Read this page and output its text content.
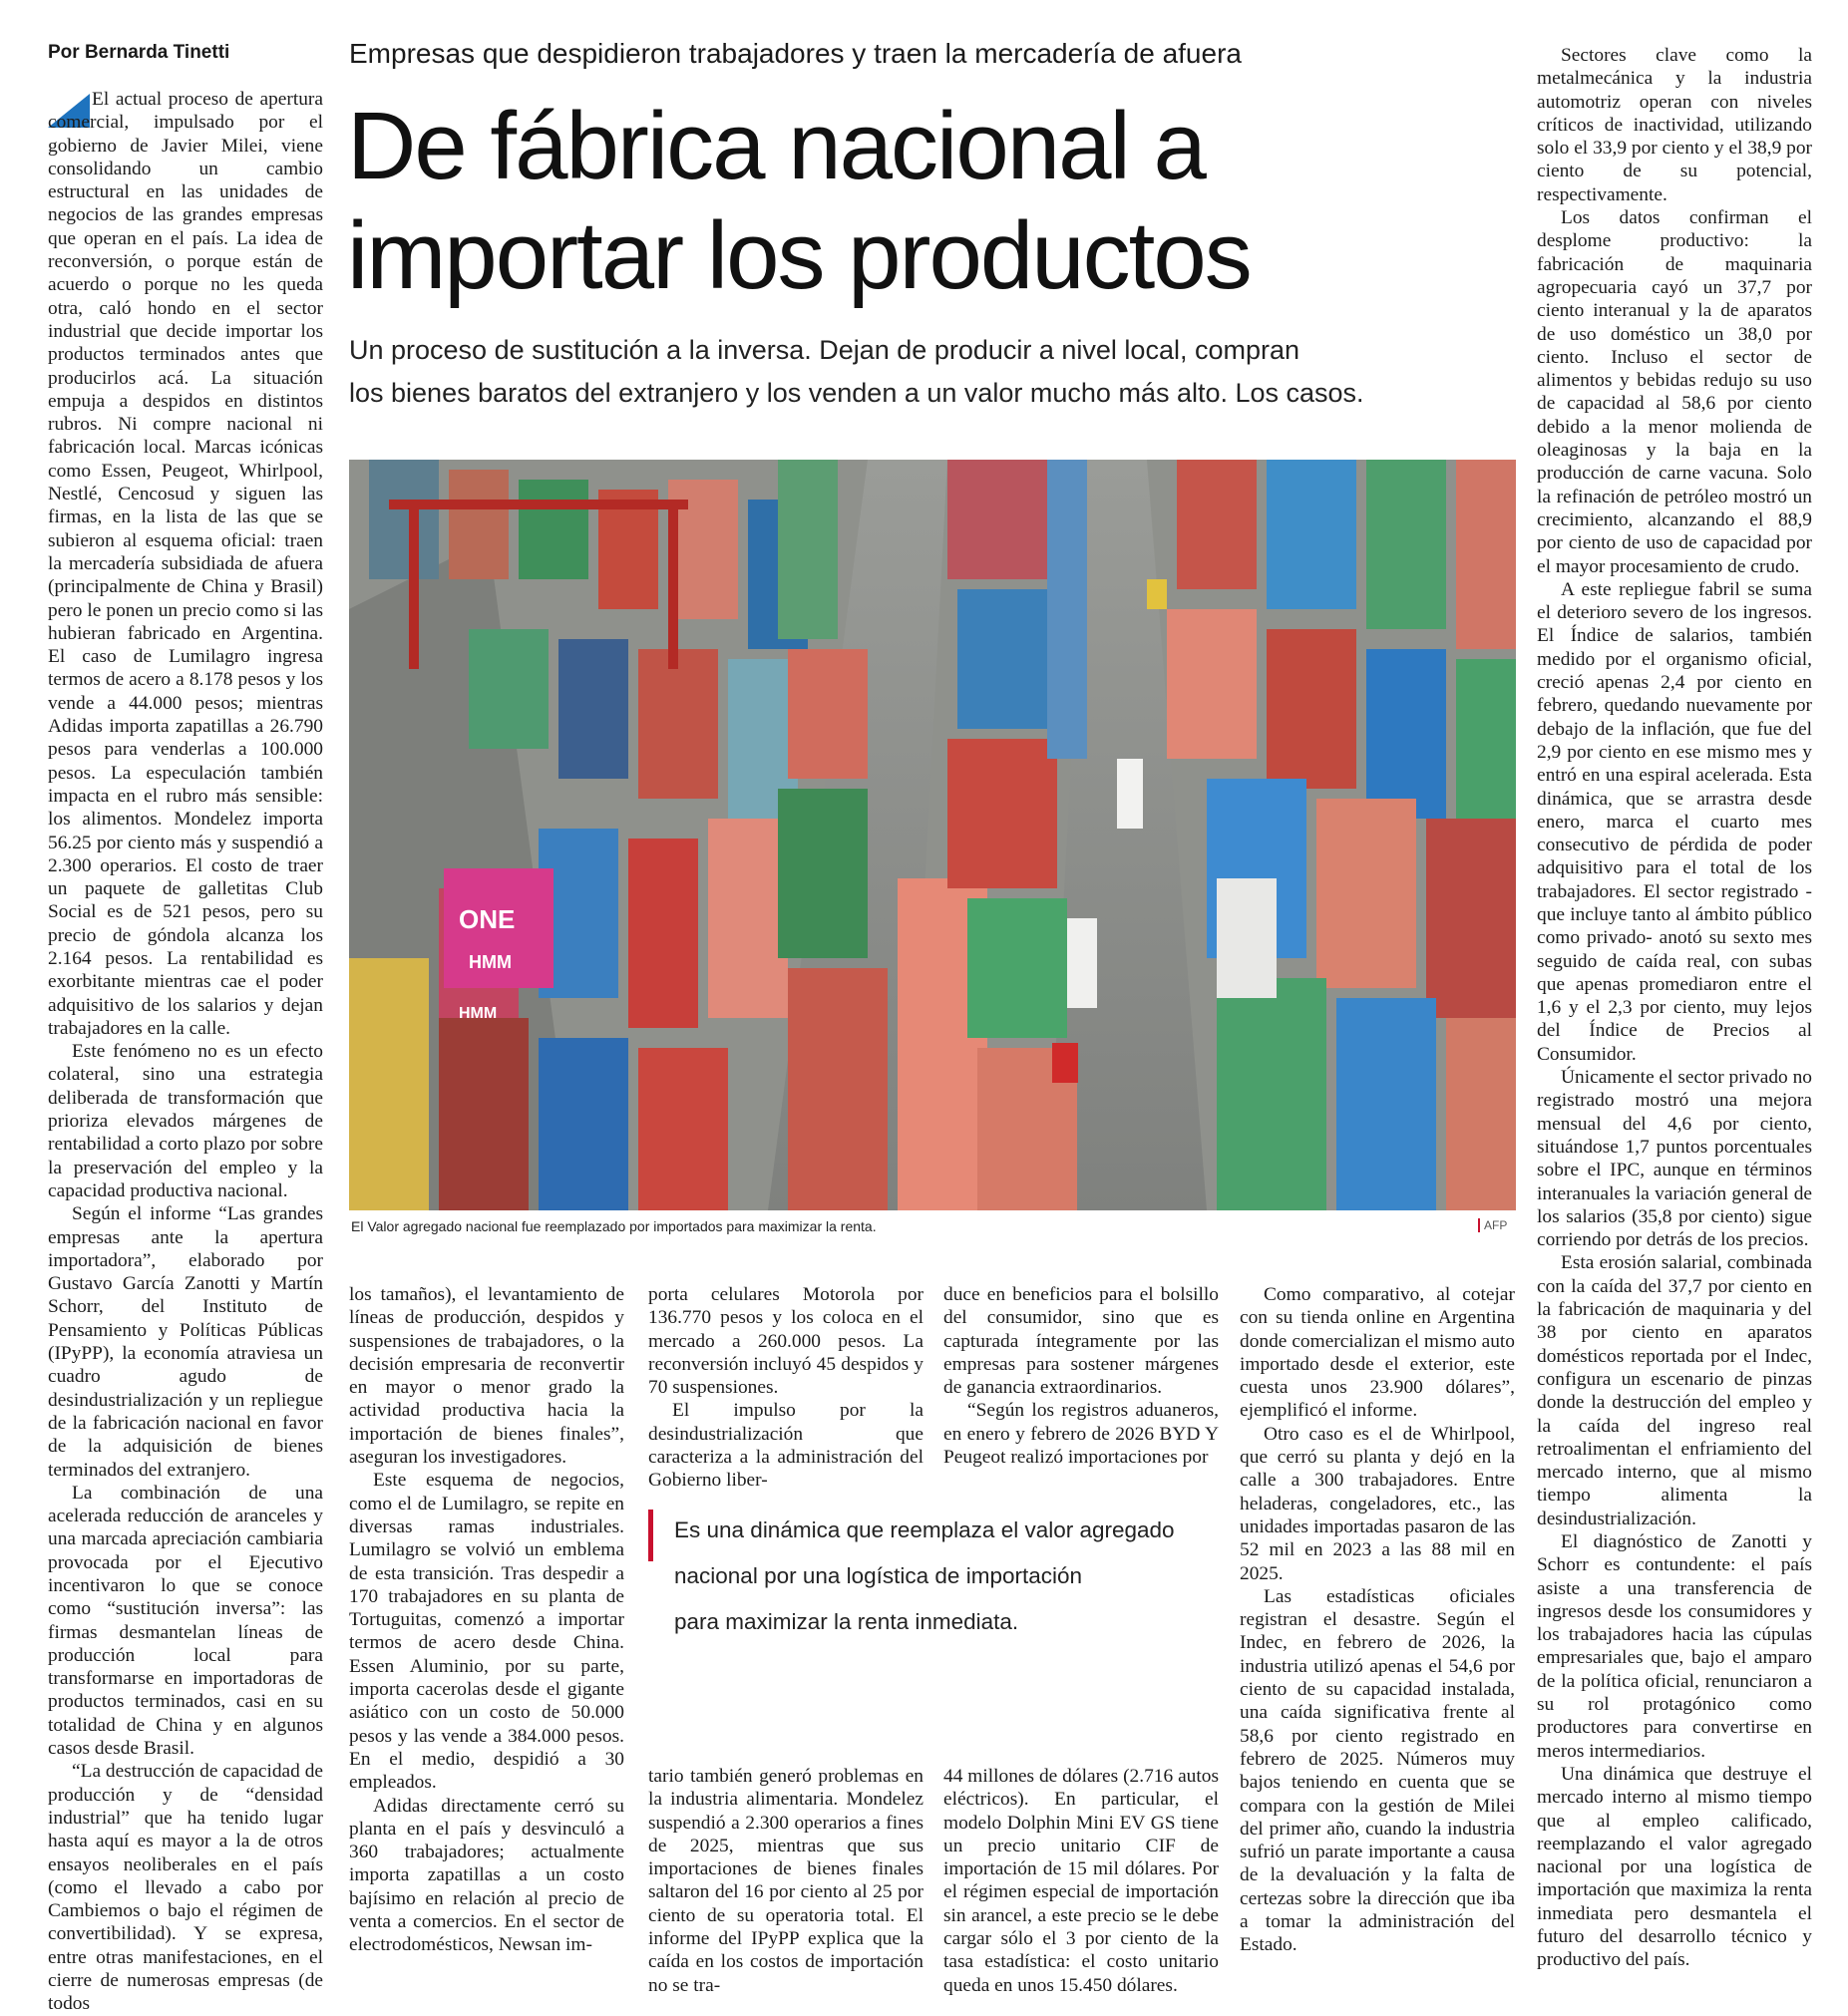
Por Bernarda Tinetti	Empresas que despidieron trabajadores y traen la mercadería de afuera
De fábrica nacional a
importar los productos
Un proceso de sustitución a la inversa. Dejan de producir a nivel local, compran
los bienes baratos del extranjero y los venden a un valor mucho más alto. Los casos.

El actual proceso de apertura comercial, impulsado por el gobierno de Javier Milei, viene consolidando un cambio estructural en las unidades de negocios de las grandes empresas que operan en el país. La idea de reconversión, o porque están de acuerdo o porque no les queda otra, caló hondo en el sector industrial que decide importar los productos terminados antes que producirlos acá. La situación empuja a despidos en distintos rubros. Ni compre nacional ni fabricación local. Marcas icónicas como Essen, Peugeot, Whirlpool, Nestlé, Cencosud y siguen las firmas, en la lista de las que se subieron al esquema oficial: traen la mercadería subsidiada de afuera (principalmente de China y Brasil) pero le ponen un precio como si las hubieran fabricado en Argentina. El caso de Lumilagro ingresa termos de acero a 8.178 pesos y los vende a 44.000 pesos; mientras Adidas importa zapatillas a 26.790 pesos para venderlas a 100.000 pesos. La especulación también impacta en el rubro más sensible: los alimentos. Mondelez importa 56.25 por ciento más y suspendió a 2.300 operarios. El costo de traer un paquete de galletitas Club Social es de 521 pesos, pero su precio de góndola alcanza los 2.164 pesos. La rentabilidad es exorbitante mientras cae el poder adquisitivo de los salarios y dejan trabajadores en la calle.

Este fenómeno no es un efecto colateral, sino una estrategia deliberada de transformación que prioriza elevados márgenes de rentabilidad a corto plazo por sobre la preservación del empleo y la capacidad productiva nacional.

Según el informe “Las grandes empresas ante la apertura importadora”, elaborado por Gustavo García Zanotti y Martín Schorr, del Instituto de Pensamiento y Políticas Públicas (IPyPP), la economía atraviesa un cuadro agudo de desindustrialización y un repliegue de la fabricación nacional en favor de la adquisición de bienes terminados del extranjero.

La combinación de una acelerada reducción de aranceles y una marcada apreciación cambiaria provocada por el Ejecutivo incentivaron lo que se conoce como “sustitución inversa”: las firmas desmantelan líneas de producción local para transformarse en importadoras de productos terminados, casi en su totalidad de China y en algunos casos desde Brasil.

“La destrucción de capacidad de producción y de “densidad industrial” que ha tenido lugar hasta aquí es mayor a la de otros ensayos neoliberales en el país (como el llevado a cabo por Cambiemos o bajo el régimen de convertibilidad). Y se expresa, entre otras manifestaciones, en el cierre de numerosas empresas (de todos

ONE
HMM
HMM
El Valor agregado nacional fue reemplazado por importados para maximizar la renta.	AFP

los tamaños), el levantamiento de líneas de producción, despidos y suspensiones de trabajadores, o la decisión empresaria de reconvertir en mayor o menor grado la actividad productiva hacia la importación de bienes finales”, aseguran los investigadores.

Este esquema de negocios, como el de Lumilagro, se repite en diversas ramas industriales. Lumilagro se volvió un emblema de esta transición. Tras despedir a 170 trabajadores en su planta de Tortuguitas, comenzó a importar termos de acero desde China. Essen Aluminio, por su parte, importa cacerolas desde el gigante asiático con un costo de 50.000 pesos y las vende a 384.000 pesos. En el medio, despidió a 30 empleados.

Adidas directamente cerró su planta en el país y desvinculó a 360 trabajadores; actualmente importa zapatillas a un costo bajísimo en relación al precio de venta a comercios. En el sector de electrodomésticos, Newsan im-

porta celulares Motorola por 136.770 pesos y los coloca en el mercado a 260.000 pesos. La reconversión incluyó 45 despidos y 70 suspensiones.

El impulso por la desindustrialización que caracteriza a la administración del Gobierno liber-

tario también generó problemas en la industria alimentaria. Mondelez suspendió a 2.300 operarios a fines de 2025, mientras que sus importaciones de bienes finales saltaron del 16 por ciento al 25 por ciento de su operatoria total. El informe del IPyPP explica que la caída en los costos de importación no se tra-

duce en beneficios para el bolsillo del consumidor, sino que es capturada íntegramente por las empresas para sostener márgenes de ganancia extraordinarios.

“Según los registros aduaneros, en enero y febrero de 2026 BYD Y Peugeot realizó importaciones por

44 millones de dólares (2.716 autos eléctricos). En particular, el modelo Dolphin Mini EV GS tiene un precio unitario CIF de importación de 15 mil dólares. Por el régimen especial de importación sin arancel, a este precio se le debe cargar sólo el 3 por ciento de la tasa estadística: el costo unitario queda en unos 15.450 dólares.

Es una dinámica que reemplaza el valor agregado
nacional por una logística de importación
para maximizar la renta inmediata.

Como comparativo, al cotejar con su tienda online en Argentina donde comercializan el mismo auto importado desde el exterior, este cuesta unos 23.900 dólares”, ejemplificó el informe.

Otro caso es el de Whirlpool, que cerró su planta y dejó en la calle a 300 trabajadores. Entre heladeras, congeladores, etc., las unidades importadas pasaron de las 52 mil en 2023 a las 88 mil en 2025.

Las estadísticas oficiales registran el desastre. Según el Indec, en febrero de 2026, la industria utilizó apenas el 54,6 por ciento de su capacidad instalada, una caída significativa frente al 58,6 por ciento registrado en febrero de 2025. Números muy bajos teniendo en cuenta que se compara con la gestión de Milei del primer año, cuando la industria sufrió un parate importante a causa de la devaluación y la falta de certezas sobre la dirección que iba a tomar la administración del Estado.

Sectores clave como la metalmecánica y la industria automotriz operan con niveles críticos de inactividad, utilizando solo el 33,9 por ciento y el 38,9 por ciento de su potencial, respectivamente.

Los datos confirman el desplome productivo: la fabricación de maquinaria agropecuaria cayó un 37,7 por ciento interanual y la de aparatos de uso doméstico un 38,0 por ciento. Incluso el sector de alimentos y bebidas redujo su uso de capacidad al 58,6 por ciento debido a la menor molienda de oleaginosas y la baja en la producción de carne vacuna. Solo la refinación de petróleo mostró un crecimiento, alcanzando el 88,9 por ciento de uso de capacidad por el mayor procesamiento de crudo.

A este repliegue fabril se suma el deterioro severo de los ingresos. El Índice de salarios, también medido por el organismo oficial, creció apenas 2,4 por ciento en febrero, quedando nuevamente por debajo de la inflación, que fue del 2,9 por ciento en ese mismo mes y entró en una espiral acelerada. Esta dinámica, que se arrastra desde enero, marca el cuarto mes consecutivo de pérdida de poder adquisitivo para el total de los trabajadores. El sector registrado -que incluye tanto al ámbito público como privado- anotó su sexto mes seguido de caída real, con subas que apenas promediaron entre el 1,6 y el 2,3 por ciento, muy lejos del Índice de Precios al Consumidor.

Únicamente el sector privado no registrado mostró una mejora mensual del 4,6 por ciento, situándose 1,7 puntos porcentuales sobre el IPC, aunque en términos interanuales la variación general de los salarios (35,8 por ciento) sigue corriendo por detrás de los precios.

Esta erosión salarial, combinada con la caída del 37,7 por ciento en la fabricación de maquinaria y del 38 por ciento en aparatos domésticos reportada por el Indec, configura un escenario de pinzas donde la destrucción del empleo y la caída del ingreso real retroalimentan el enfriamiento del mercado interno, que al mismo tiempo alimenta la desindustrialización.

El diagnóstico de Zanotti y Schorr es contundente: el país asiste a una transferencia de ingresos desde los consumidores y los trabajadores hacia las cúpulas empresariales que, bajo el amparo de la política oficial, renunciaron a su rol protagónico como productores para convertirse en meros intermediarios.

Una dinámica que destruye el mercado interno al mismo tiempo que al empleo calificado, reemplazando el valor agregado nacional por una logística de importación que maximiza la renta inmediata pero desmantela el futuro del desarrollo técnico y productivo del país.
